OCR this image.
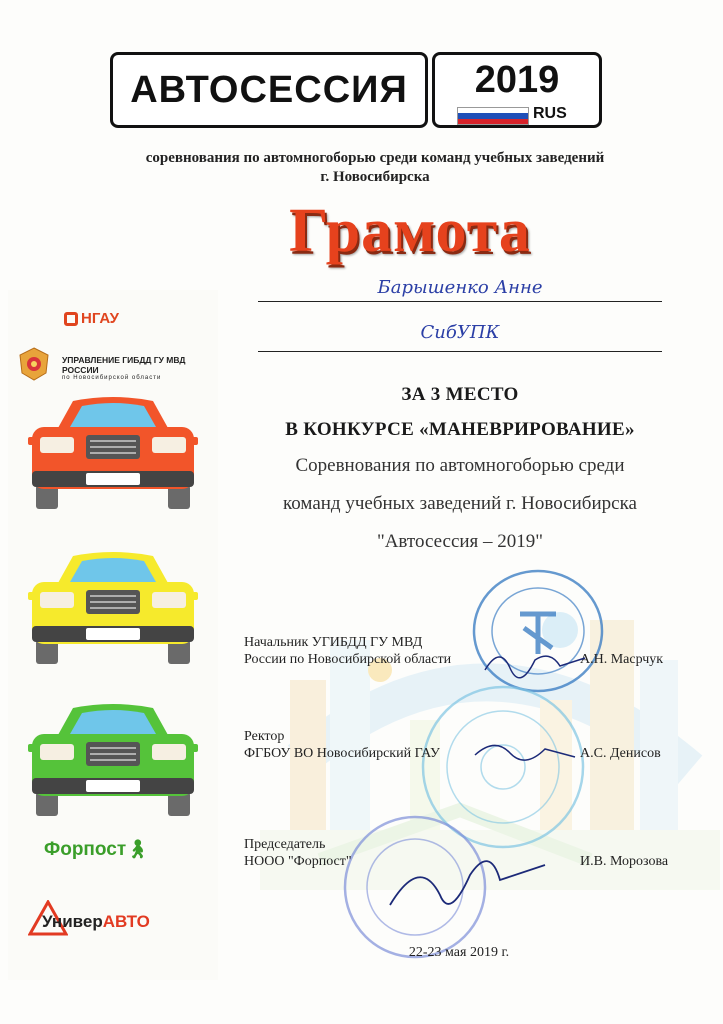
НГАУ
УПРАВЛЕНИЕ ГИБДД ГУ МВД РОССИИ
по Новосибирской области
Форпост🚶︎
УниверАВТО
АВТОСЕССИЯ	2019
RUS
соревнования по автомногоборью среди команд учебных заведений
г. Новосибирска
Грамота
Барышенко Анне
СибУПК
ЗА 3 МЕСТО
В КОНКУРСЕ «МАНЕВРИРОВАНИЕ»
Соревнования по автомногоборью среди
команд учебных заведений г. Новосибирска
"Автосессия – 2019"
Начальник УГИБДД ГУ МВД
России по Новосибирской области	А.Н. Масрчук
Ректор
ФГБОУ ВО Новосибирский ГАУ	А.С. Денисов
Председатель
НООО "Форпост"	И.В. Морозова
22-23 мая 2019 г.
